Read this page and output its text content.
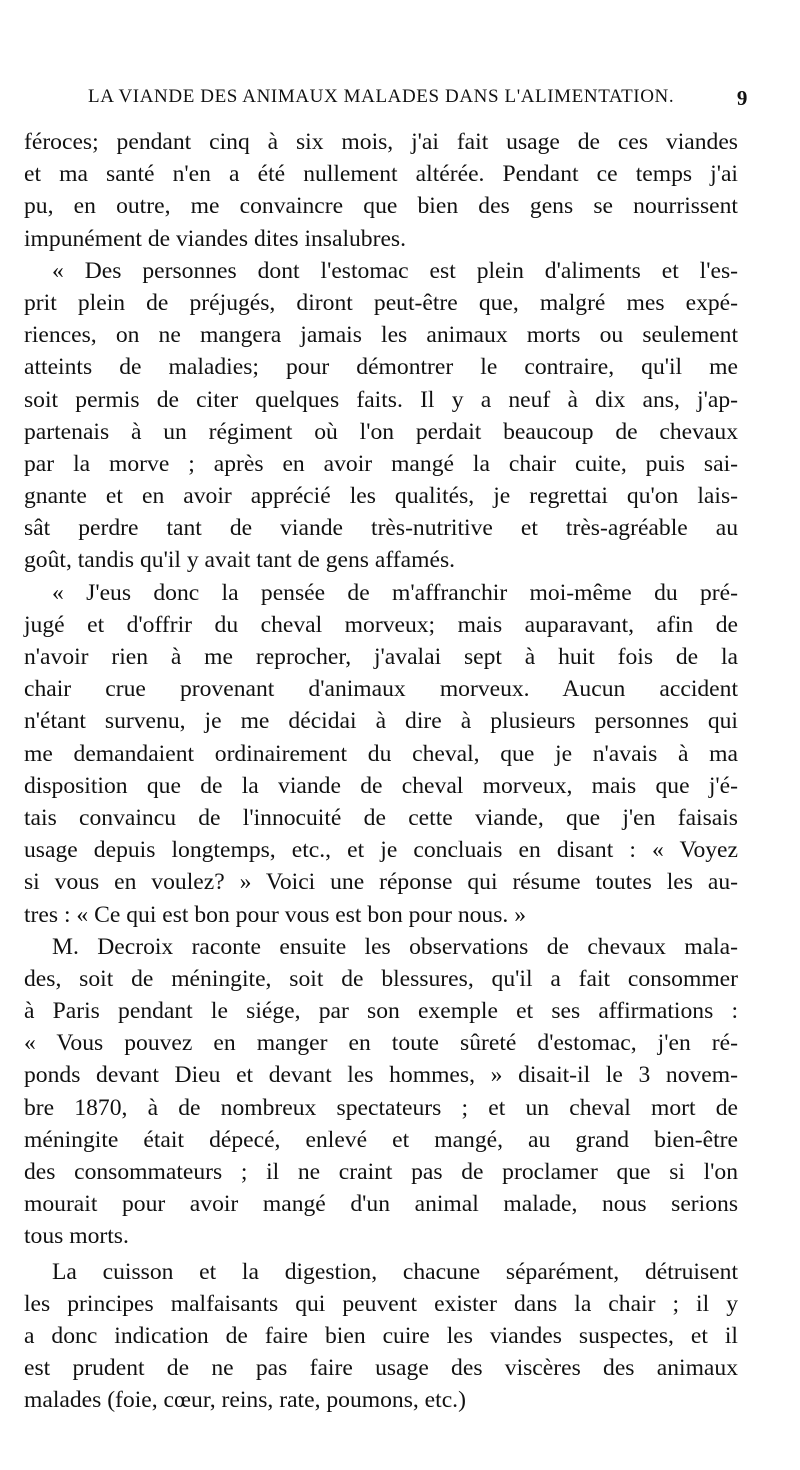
LA VIANDE DES ANIMAUX MALADES DANS L'ALIMENTATION.	9
féroces; pendant cinq à six mois, j'ai fait usage de ces viandes
et ma santé n'en a été nullement altérée. Pendant ce temps j'ai
pu, en outre, me convaincre que bien des gens se nourrissent
impunément de viandes dites insalubres.
« Des personnes dont l'estomac est plein d'aliments et l'es-
prit plein de préjugés, diront peut-être que, malgré mes expé-
riences, on ne mangera jamais les animaux morts ou seulement
atteints de maladies; pour démontrer le contraire, qu'il me
soit permis de citer quelques faits. Il y a neuf à dix ans, j'ap-
partenais à un régiment où l'on perdait beaucoup de chevaux
par la morve ; après en avoir mangé la chair cuite, puis sai-
gnante et en avoir apprécié les qualités, je regrettai qu'on lais-
sât perdre tant de viande très-nutritive et très-agréable au
goût, tandis qu'il y avait tant de gens affamés.
« J'eus donc la pensée de m'affranchir moi-même du pré-
jugé et d'offrir du cheval morveux; mais auparavant, afin de
n'avoir rien à me reprocher, j'avalai sept à huit fois de la
chair crue provenant d'animaux morveux. Aucun accident
n'étant survenu, je me décidai à dire à plusieurs personnes qui
me demandaient ordinairement du cheval, que je n'avais à ma
disposition que de la viande de cheval morveux, mais que j'é-
tais convaincu de l'innocuité de cette viande, que j'en faisais
usage depuis longtemps, etc., et je concluais en disant : « Voyez
si vous en voulez? » Voici une réponse qui résume toutes les au-
tres : « Ce qui est bon pour vous est bon pour nous. »
M. Decroix raconte ensuite les observations de chevaux mala-
des, soit de méningite, soit de blessures, qu'il a fait consommer
à Paris pendant le siége, par son exemple et ses affirmations :
« Vous pouvez en manger en toute sûreté d'estomac, j'en ré-
ponds devant Dieu et devant les hommes, » disait-il le 3 novem-
bre 1870, à de nombreux spectateurs ; et un cheval mort de
méningite était dépecé, enlevé et mangé, au grand bien-être
des consommateurs ; il ne craint pas de proclamer que si l'on
mourait pour avoir mangé d'un animal malade, nous serions
tous morts.
La cuisson et la digestion, chacune séparément, détruisent
les principes malfaisants qui peuvent exister dans la chair ; il y
a donc indication de faire bien cuire les viandes suspectes, et il
est prudent de ne pas faire usage des viscères des animaux
malades (foie, cœur, reins, rate, poumons, etc.)
